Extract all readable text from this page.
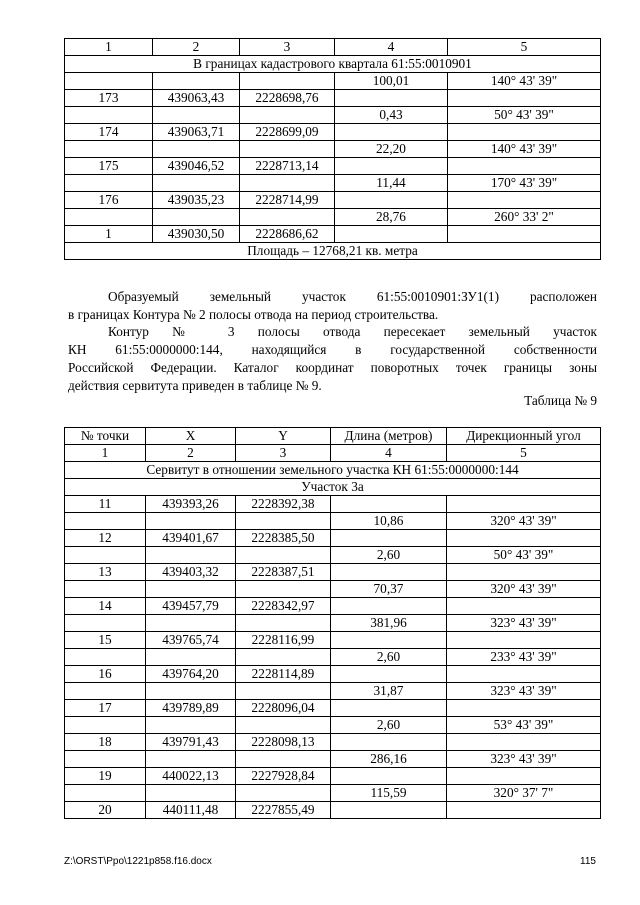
1	2	3	4	5
В границах кадастрового квартала 61:55:0010901				
			100,01	140° 43' 39"
173	439063,43	2228698,76		
			0,43	50° 43' 39"
174	439063,71	2228699,09		
			22,20	140° 43' 39"
175	439046,52	2228713,14		
			11,44	170° 43' 39"
176	439035,23	2228714,99		
			28,76	260° 33' 2"
1	439030,50	2228686,62		
Площадь – 12768,21 кв. метра				
Образуемый земельный участок 61:55:0010901:ЗУ1(1) расположен
в границах Контура № 2 полосы отвода на период строительства.
Контур № 3 полосы отвода пересекает земельный участок
КН 61:55:0000000:144, находящийся в государственной собственности
Российской Федерации. Каталог координат поворотных точек границы зоны
действия сервитута приведен в таблице № 9.
Таблица № 9
№ точки	X	Y	Длина (метров)	Дирекционный угол
1	2	3	4	5
Сервитут в отношении земельного участка КН 61:55:0000000:144				
Участок 3а				
11	439393,26	2228392,38		
			10,86	320° 43' 39"
12	439401,67	2228385,50		
			2,60	50° 43' 39"
13	439403,32	2228387,51		
			70,37	320° 43' 39"
14	439457,79	2228342,97		
			381,96	323° 43' 39"
15	439765,74	2228116,99		
			2,60	233° 43' 39"
16	439764,20	2228114,89		
			31,87	323° 43' 39"
17	439789,89	2228096,04		
			2,60	53° 43' 39"
18	439791,43	2228098,13		
			286,16	323° 43' 39"
19	440022,13	2227928,84		
			115,59	320° 37' 7"
20	440111,48	2227855,49		
Z:\ORST\Ppo\1221p858.f16.docx	115
